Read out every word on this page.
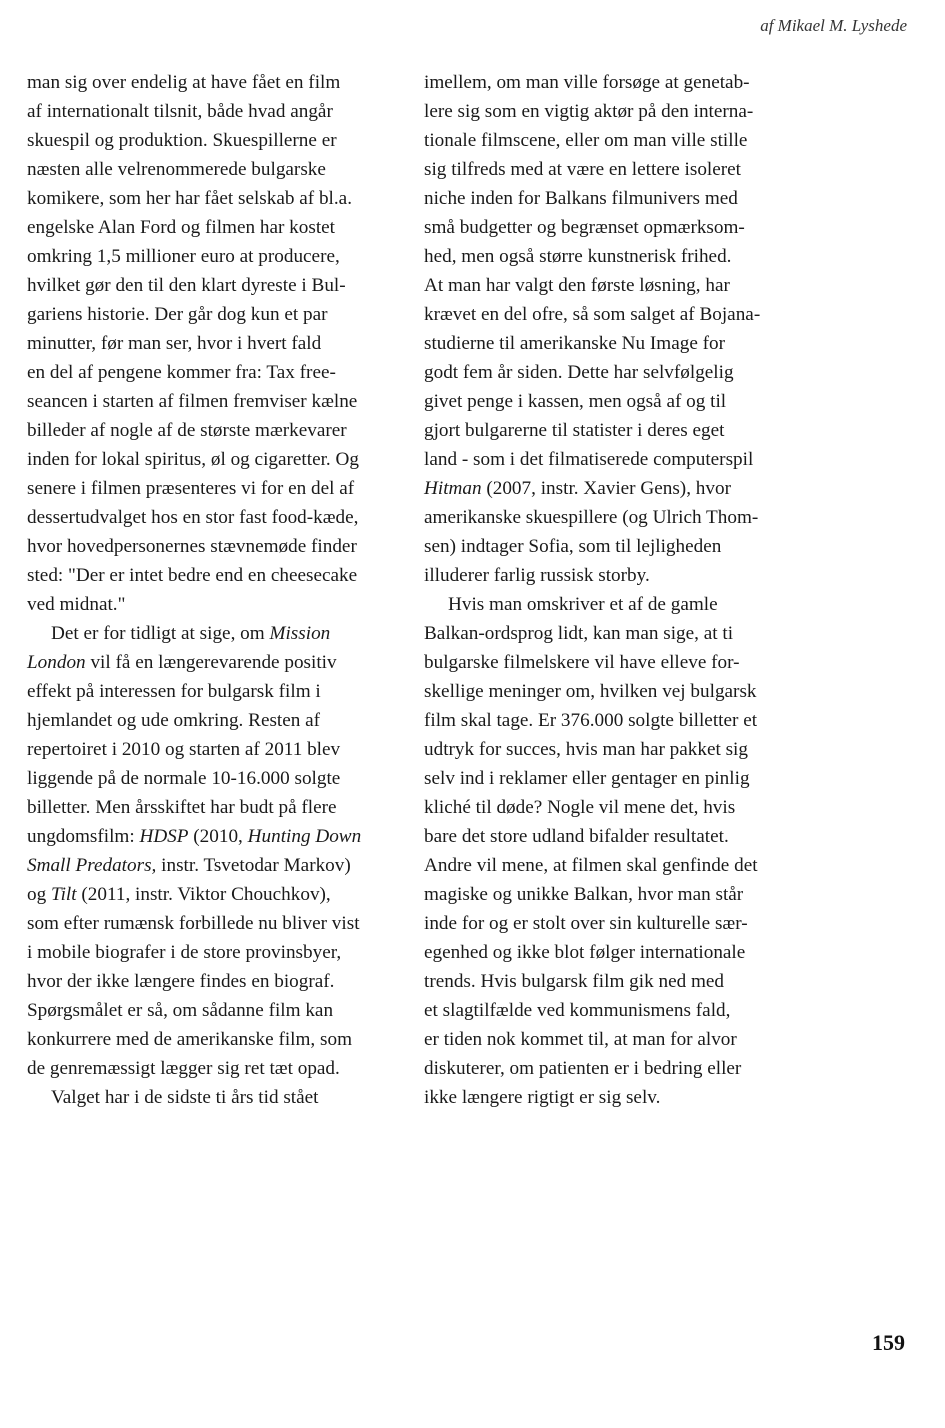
af Mikael M. Lyshede
man sig over endelig at have fået en film
af internationalt tilsnit, både hvad angår
skuespil og produktion. Skuespillerne er
næsten alle velrenommerede bulgarske
komikere, som her har fået selskab af bl.a.
engelske Alan Ford og filmen har kostet
omkring 1,5 millioner euro at producere,
hvilket gør den til den klart dyreste i Bul-
gariens historie. Der går dog kun et par
minutter, før man ser, hvor i hvert fald
en del af pengene kommer fra: Tax free-
seancen i starten af filmen fremviser kælne
billeder af nogle af de største mærkevarer
inden for lokal spiritus, øl og cigaretter. Og
senere i filmen præsenteres vi for en del af
dessertudvalget hos en stor fast food-kæde,
hvor hovedpersonernes stævnemøde finder
sted: "Der er intet bedre end en cheesecake
ved midnat."
Det er for tidligt at sige, om Mission
London vil få en længerevarende positiv
effekt på interessen for bulgarsk film i
hjemlandet og ude omkring. Resten af
repertoiret i 2010 og starten af 2011 blev
liggende på de normale 10-16.000 solgte
billetter. Men årsskiftet har budt på flere
ungdomsfilm: HDSP (2010, Hunting Down
Small Predators, instr. Tsvetodar Markov)
og Tilt (2011, instr. Viktor Chouchkov),
som efter rumænsk forbillede nu bliver vist
i mobile biografer i de store provinsbyer,
hvor der ikke længere findes en biograf.
Spørgsmålet er så, om sådanne film kan
konkurrere med de amerikanske film, som
de genremæssigt lægger sig ret tæt opad.
Valget har i de sidste ti års tid stået
imellem, om man ville forsøge at genetab-
lere sig som en vigtig aktør på den interna-
tionale filmscene, eller om man ville stille
sig tilfreds med at være en lettere isoleret
niche inden for Balkans filmunivers med
små budgetter og begrænset opmærksom-
hed, men også større kunstnerisk frihed.
At man har valgt den første løsning, har
krævet en del ofre, så som salget af Bojana-
studierne til amerikanske Nu Image for
godt fem år siden. Dette har selvfølgelig
givet penge i kassen, men også af og til
gjort bulgarerne til statister i deres eget
land - som i det filmatiserede computerspil
Hitman (2007, instr. Xavier Gens), hvor
amerikanske skuespillere (og Ulrich Thom-
sen) indtager Sofia, som til lejligheden
illuderer farlig russisk storby.
Hvis man omskriver et af de gamle
Balkan-ordsprog lidt, kan man sige, at ti
bulgarske filmelskere vil have elleve for-
skellige meninger om, hvilken vej bulgarsk
film skal tage. Er 376.000 solgte billetter et
udtryk for succes, hvis man har pakket sig
selv ind i reklamer eller gentager en pinlig
kliché til døde? Nogle vil mene det, hvis
bare det store udland bifalder resultatet.
Andre vil mene, at filmen skal genfinde det
magiske og unikke Balkan, hvor man står
inde for og er stolt over sin kulturelle sær-
egenhed og ikke blot følger internationale
trends. Hvis bulgarsk film gik ned med
et slagtilfælde ved kommunismens fald,
er tiden nok kommet til, at man for alvor
diskuterer, om patienten er i bedring eller
ikke længere rigtigt er sig selv.
159
